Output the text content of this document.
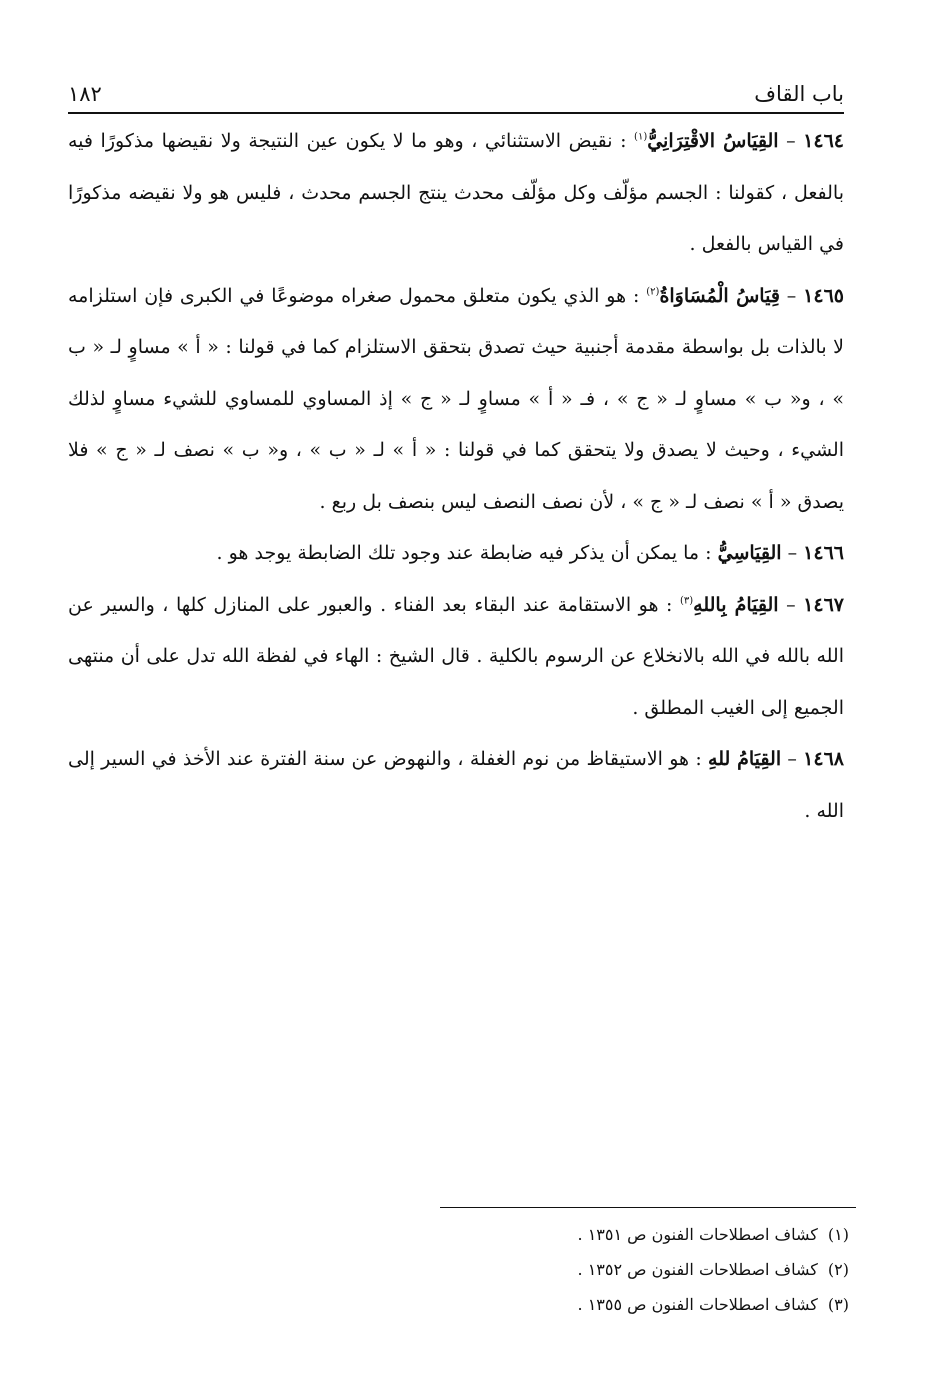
باب القاف
١٨٢

١٤٦٤ – القِيَاسُ الاقْتِرَانِيُّ$^{(١)}$ : نقيض الاستثنائي ، وهو ما لا يكون عين النتيجة ولا نقيضها مذكورًا فيه بالفعل ، كقولنا : الجسم مؤلّف وكل مؤلّف محدث ينتج الجسم محدث ، فليس هو ولا نقيضه مذكورًا في القياس بالفعل .

١٤٦٥ – قِيَاسُ الْمُسَاوَاةُ$^{(٢)}$ : هو الذي يكون متعلق محمول صغراه موضوعًا في الكبرى فإن استلزامه لا بالذات بل بواسطة مقدمة أجنبية حيث تصدق بتحقق الاستلزام كما في قولنا : « أ » مساوٍ لـ « ب » ، و« ب » مساوٍ لـ « ج » ، فـ « أ » مساوٍ لـ « ج » إذ المساوي للمساوي للشيء مساوٍ لذلك الشيء ، وحيث لا يصدق ولا يتحقق كما في قولنا : « أ » لـ « ب » ، و« ب » نصف لـ « ج » فلا يصدق « أ » نصف لـ « ج » ، لأن نصف النصف ليس بنصف بل ربع .

١٤٦٦ – القِيَاسِيُّ : ما يمكن أن يذكر فيه ضابطة عند وجود تلك الضابطة يوجد هو .

١٤٦٧ – القِيَامُ بِاللهِ$^{(٣)}$ : هو الاستقامة عند البقاء بعد الفناء . والعبور على المنازل كلها ، والسير عن الله بالله في الله بالانخلاع عن الرسوم بالكلية . قال الشيخ : الهاء في لفظة الله تدل على أن منتهى الجميع إلى الغيب المطلق .

١٤٦٨ – القِيَامُ للهِ : هو الاستيقاظ من نوم الغفلة ، والنهوض عن سنة الفترة عند الأخذ في السير إلى الله .

(١)كشاف اصطلاحات الفنون ص ١٣٥١ .

(٢)كشاف اصطلاحات الفنون ص ١٣٥٢ .

(٣)كشاف اصطلاحات الفنون ص ١٣٥٥ .
